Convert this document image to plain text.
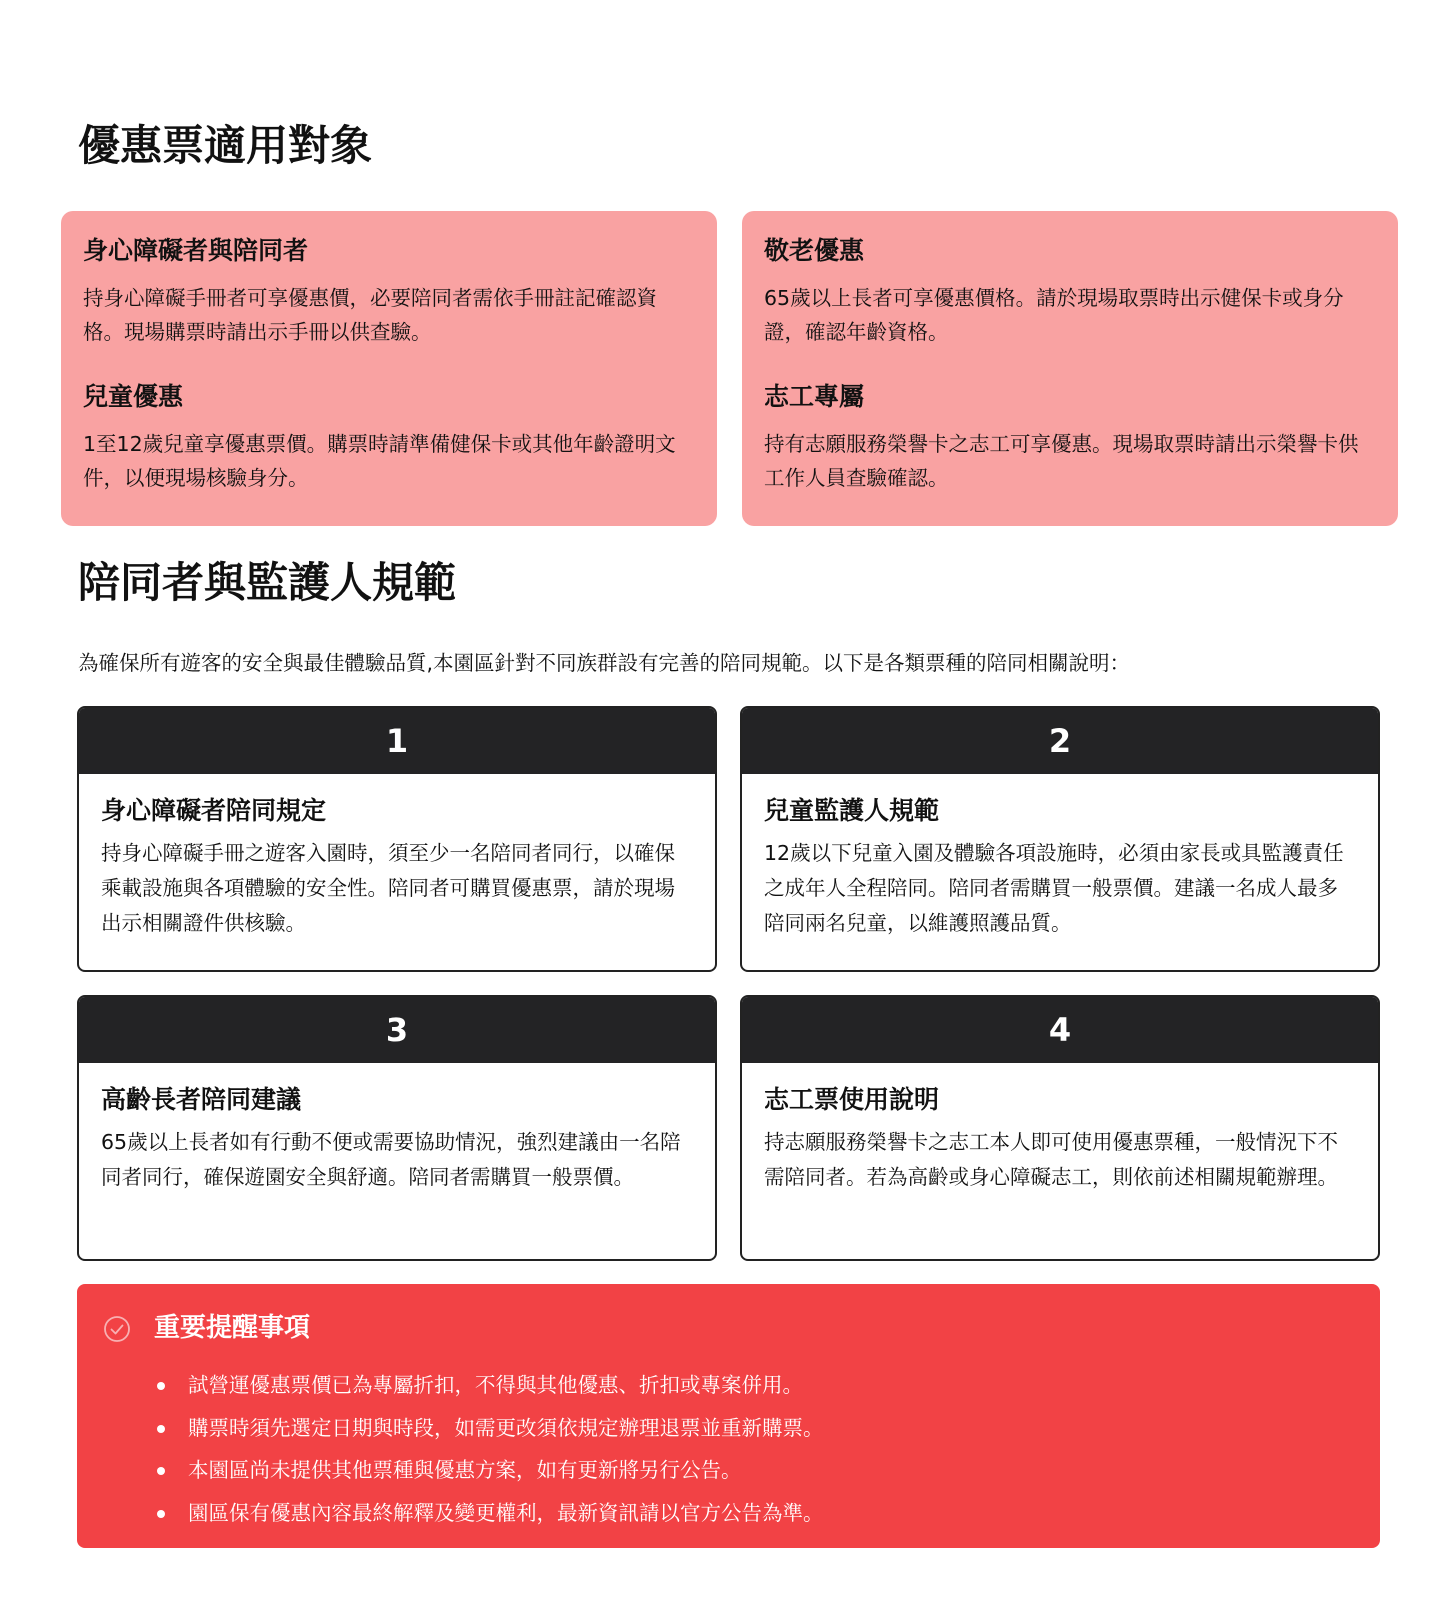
優惠票適用對象
身心障礙者與陪同者
持身心障礙手冊者可享優惠價，必要陪同者需依手冊註記確認資格。現場購票時請出示手冊以供查驗。
兒童優惠
1至12歲兒童享優惠票價。購票時請準備健保卡或其他年齡證明文件，以便現場核驗身分。
敬老優惠
65歲以上長者可享優惠價格。請於現場取票時出示健保卡或身分證，確認年齡資格。
志工專屬
持有志願服務榮譽卡之志工可享優惠。現場取票時請出示榮譽卡供工作人員查驗確認。
陪同者與監護人規範

為確保所有遊客的安全與最佳體驗品質,本園區針對不同族群設有完善的陪同規範。以下是各類票種的陪同相關說明：

1
身心障礙者陪同規定
持身心障礙手冊之遊客入園時，須至少一名陪同者同行，以確保乘載設施與各項體驗的安全性。陪同者可購買優惠票，請於現場出示相關證件供核驗。
2
兒童監護人規範
12歲以下兒童入園及體驗各項設施時，必須由家長或具監護責任之成年人全程陪同。陪同者需購買一般票價。建議一名成人最多陪同兩名兒童，以維護照護品質。
3
高齡長者陪同建議
65歲以上長者如有行動不便或需要協助情況，強烈建議由一名陪同者同行，確保遊園安全與舒適。陪同者需購買一般票價。
4
志工票使用說明
持志願服務榮譽卡之志工本人即可使用優惠票種，一般情況下不需陪同者。若為高齡或身心障礙志工，則依前述相關規範辦理。
重要提醒事項
試營運優惠票價已為專屬折扣，不得與其他優惠、折扣或專案併用。
購票時須先選定日期與時段，如需更改須依規定辦理退票並重新購票。
本園區尚未提供其他票種與優惠方案，如有更新將另行公告。
園區保有優惠內容最終解釋及變更權利，最新資訊請以官方公告為準。
